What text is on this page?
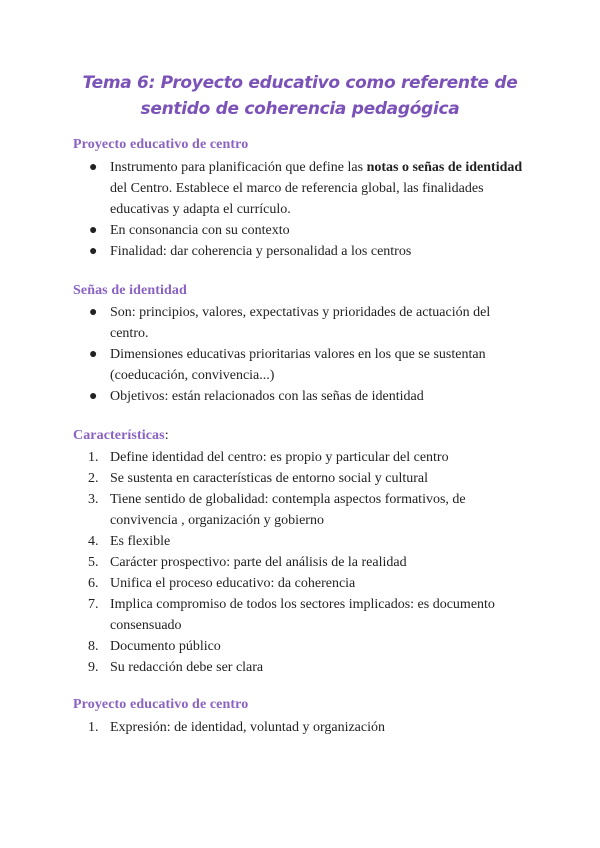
Tema 6: Proyecto educativo como referente de sentido de coherencia pedagógica
Proyecto educativo de centro
● Instrumento para planificación que define las notas o señas de identidad del Centro. Establece el marco de referencia global, las finalidades educativas y adapta el currículo.
● En consonancia con su contexto
● Finalidad: dar coherencia y personalidad a los centros
Señas de identidad
● Son: principios, valores, expectativas y prioridades de actuación del centro.
● Dimensiones educativas prioritarias valores en los que se sustentan (coeducación, convivencia...)
● Objetivos: están relacionados con las señas de identidad
Características:
1. Define identidad del centro: es propio y particular del centro
2. Se sustenta en características de entorno social y cultural
3. Tiene sentido de globalidad: contempla aspectos formativos, de convivencia , organización y gobierno
4. Es flexible
5. Carácter prospectivo: parte del análisis de la realidad
6. Unifica el proceso educativo: da coherencia
7. Implica compromiso de todos los sectores implicados: es documento consensuado
8. Documento público
9. Su redacción debe ser clara
Proyecto educativo de centro
1. Expresión: de identidad, voluntad y organización
